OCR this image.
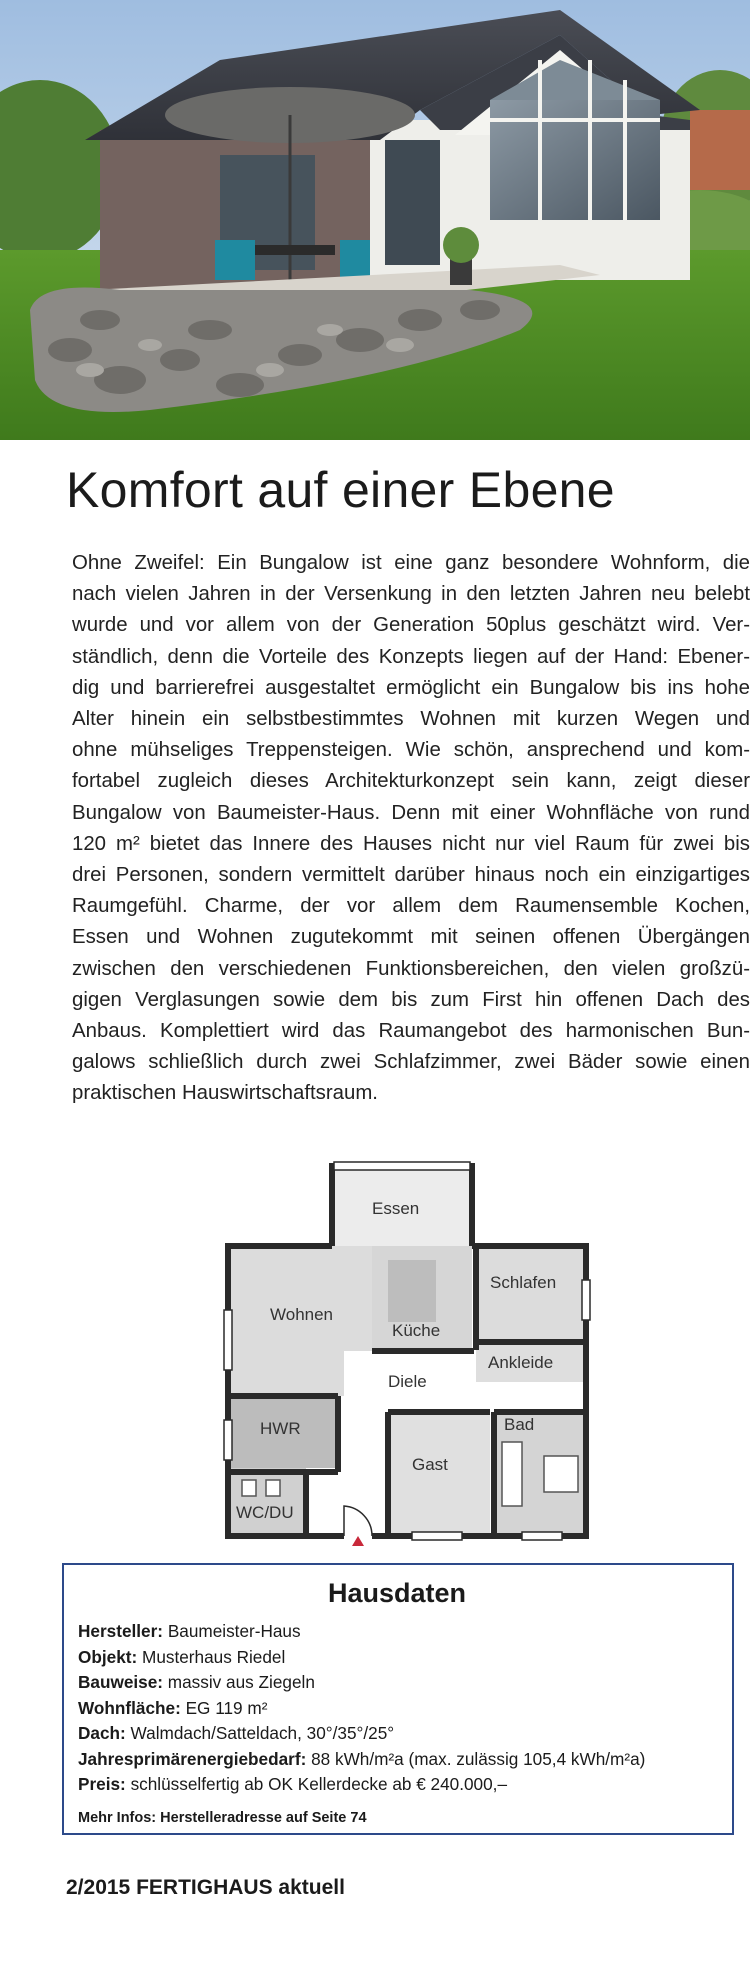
Komfort auf einer Ebene
Ohne Zweifel: Ein Bungalow ist eine ganz besondere Wohnform, die
nach vielen Jahren in der Versenkung in den letzten Jahren neu belebt
wurde und vor allem von der Generation 50plus geschätzt wird. Ver-
ständlich, denn die Vorteile des Konzepts liegen auf der Hand: Ebener-
dig und barrierefrei ausgestaltet ermöglicht ein Bungalow bis ins hohe
Alter hinein ein selbstbestimmtes Wohnen mit kurzen Wegen und
ohne mühseliges Treppensteigen. Wie schön, ansprechend und kom-
fortabel zugleich dieses Architekturkonzept sein kann, zeigt dieser
Bungalow von Baumeister-Haus. Denn mit einer Wohnfläche von rund
120 m² bietet das Innere des Hauses nicht nur viel Raum für zwei bis
drei Personen, sondern vermittelt darüber hinaus noch ein einzigartiges
Raumgefühl. Charme, der vor allem dem Raumensemble Kochen,
Essen und Wohnen zugutekommt mit seinen offenen Übergängen
zwischen den verschiedenen Funktionsbereichen, den vielen großzü-
gigen Verglasungen sowie dem bis zum First hin offenen Dach des
Anbaus. Komplettiert wird das Raumangebot des harmonischen Bun-
galows schließlich durch zwei Schlafzimmer, zwei Bäder sowie einen
praktischen Hauswirtschaftsraum.
Essen
Wohnen
Küche
Schlafen
Diele
Ankleide
HWR	Bad
Gast
WC/DU
Hausdaten
Hersteller: Baumeister-Haus
Objekt: Musterhaus Riedel
Bauweise: massiv aus Ziegeln
Wohnfläche: EG 119 m²
Dach: Walmdach/Satteldach, 30°/35°/25°
Jahresprimärenergiebedarf: 88 kWh/m²a (max. zulässig 105,4 kWh/m²a)
Preis: schlüsselfertig ab OK Kellerdecke ab € 240.000,–
Mehr Infos: Herstelleradresse auf Seite 74
2/2015 FERTIGHAUS aktuell
